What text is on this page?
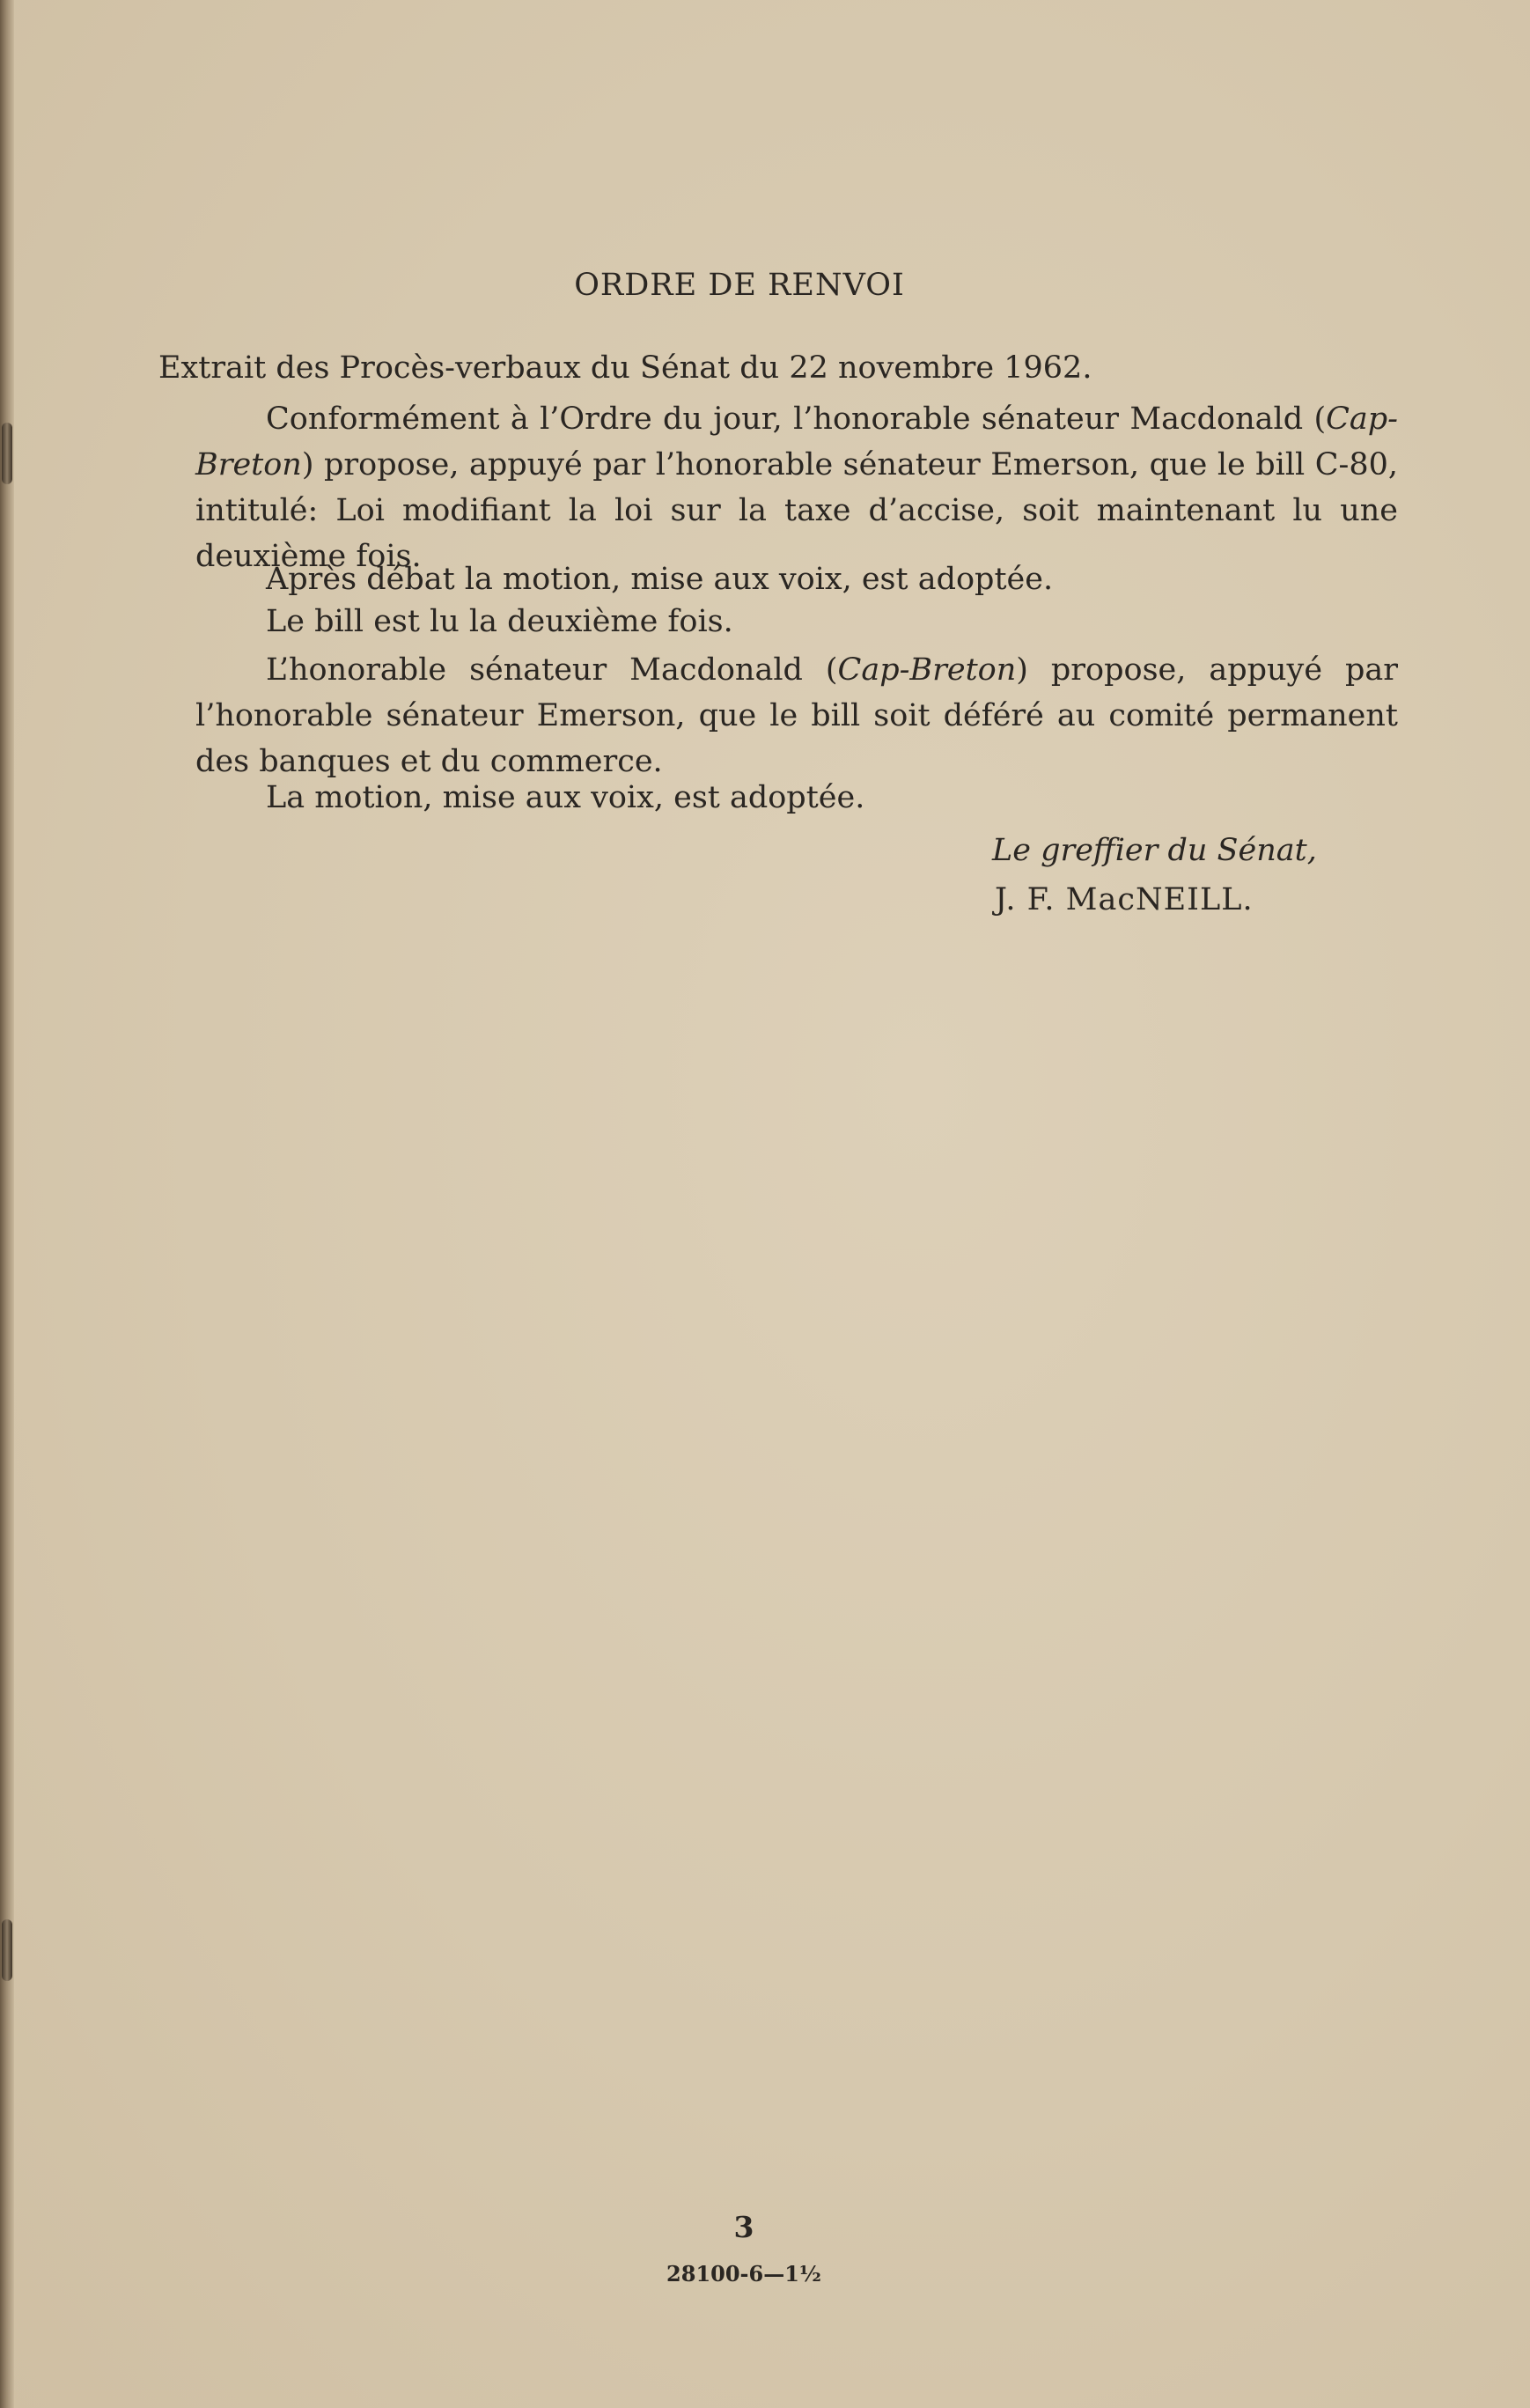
ORDRE DE RENVOI
Extrait des Procès-verbaux du Sénat du 22 novembre 1962.
Conformément à l’Ordre du jour, l’honorable sénateur Macdonald (Cap-Breton) propose, appuyé par l’honorable sénateur Emerson, que le bill C-80, intitulé: Loi modifiant la loi sur la taxe d’accise, soit maintenant lu une deuxième fois.
Après débat la motion, mise aux voix, est adoptée.
Le bill est lu la deuxième fois.
L’honorable sénateur Macdonald (Cap-Breton) propose, appuyé par l’honorable sénateur Emerson, que le bill soit déféré au comité permanent des banques et du commerce.
La motion, mise aux voix, est adoptée.
Le greffier du Sénat,
J. F. MacNEILL.
3
28100-6—1½
